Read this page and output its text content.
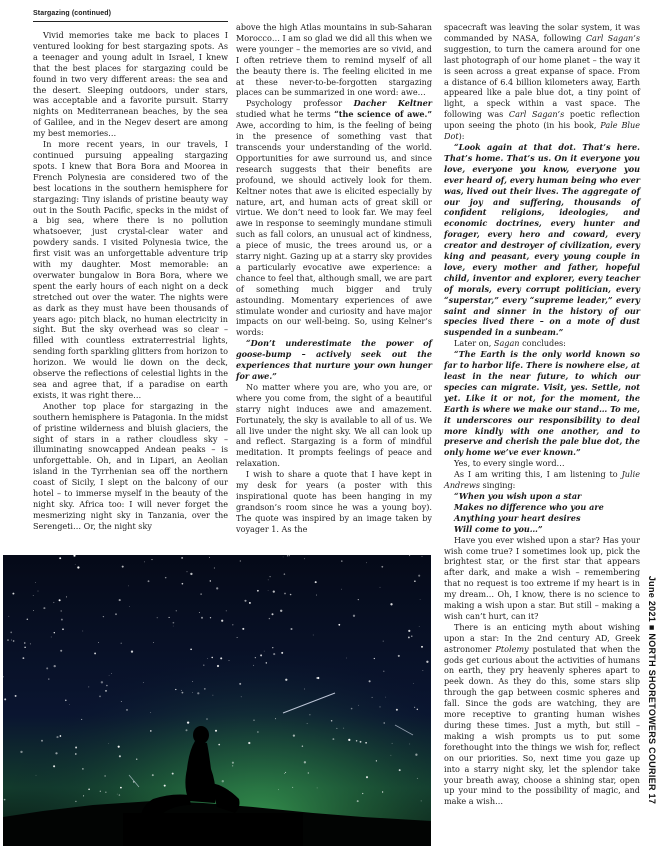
Stargazing (continued)

Vivid memories take me back to places I ventured looking for best stargazing spots. As a teenager and young adult in Israel, I knew that the best places for stargazing could be found in two very different areas: the sea and the desert. Sleeping outdoors, under stars, was acceptable and a favorite pursuit. Starry nights on Mediterranean beaches, by the sea of Galilee, and in the Negev desert are among my best memories…

In more recent years, in our travels, I continued pursuing appealing stargazing spots. I knew that Bora Bora and Moorea in French Polynesia are considered two of the best locations in the southern hemisphere for stargazing: Tiny islands of pristine beauty way out in the South Pacific, specks in the midst of a big sea, where there is no pollution whatsoever, just crystal-clear water and powdery sands. I visited Polynesia twice, the first visit was an unforgettable adventure trip with my daughter. Most memorable: an overwater bungalow in Bora Bora, where we spent the early hours of each night on a deck stretched out over the water. The nights were as dark as they must have been thousands of years ago: pitch black, no human electricity in sight. But the sky overhead was so clear – filled with countless extraterrestrial lights, sending forth sparkling glitters from horizon to horizon. We would lie down on the deck, observe the reflections of celestial lights in the sea and agree that, if a paradise on earth exists, it was right there…

Another top place for stargazing in the southern hemisphere is Patagonia. In the midst of pristine wilderness and bluish glaciers, the sight of stars in a rather cloudless sky – illuminating snowcapped Andean peaks – is unforgettable. Oh, and in Lipari, an Aeolian island in the Tyrrhenian sea off the northern coast of Sicily, I slept on the balcony of our hotel – to immerse myself in the beauty of the night sky. Africa too: I will never forget the mesmerizing night sky in Tanzania, over the Serengeti… Or, the night sky

above the high Atlas mountains in sub-Saharan Morocco… I am so glad we did all this when we were younger – the memories are so vivid, and I often retrieve them to remind myself of all the beauty there is. The feeling elicited in me at these never-to-be-forgotten stargazing places can be summarized in one word: awe…

Psychology professor Dacher Keltner studied what he terms “the science of awe.” Awe, according to him, is the feeling of being in the presence of something vast that transcends your understanding of the world. Opportunities for awe surround us, and since research suggests that their benefits are profound, we should actively look for them. Keltner notes that awe is elicited especially by nature, art, and human acts of great skill or virtue. We don’t need to look far. We may feel awe in response to seemingly mundane stimuli such as fall colors, an unusual act of kindness, a piece of music, the trees around us, or a starry night. Gazing up at a starry sky provides a particularly evocative awe experience: a chance to feel that, although small, we are part of something much bigger and truly astounding. Momentary experiences of awe stimulate wonder and curiosity and have major impacts on our well-being. So, using Kelner’s words:

“Don’t underestimate the power of goose-bump – actively seek out the experiences that nurture your own hunger for awe.”

No matter where you are, who you are, or where you come from, the sight of a beautiful starry night induces awe and amazement. Fortunately, the sky is available to all of us. We all live under the night sky. We all can look up and reflect. Stargazing is a form of mindful meditation. It prompts feelings of peace and relaxation.

I wish to share a quote that I have kept in my desk for years (a poster with this inspirational quote has been hanging in my grandson’s room since he was a young boy). The quote was inspired by an image taken by voyager 1. As the

spacecraft was leaving the solar system, it was commanded by NASA, following Carl Sagan’s suggestion, to turn the camera around for one last photograph of our home planet – the way it is seen across a great expanse of space. From a distance of 6.4 billion kilometers away, Earth appeared like a pale blue dot, a tiny point of light, a speck within a vast space. The following was Carl Sagan’s poetic reflection upon seeing the photo (in his book, Pale Blue Dot):

“Look again at that dot. That’s here. That’s home. That’s us. On it everyone you love, everyone you know, everyone you ever heard of, every human being who ever was, lived out their lives. The aggregate of our joy and suffering, thousands of confident religions, ideologies, and economic doctrines, every hunter and forager, every hero and coward, every creator and destroyer of civilization, every king and peasant, every young couple in love, every mother and father, hopeful child, inventor and explorer, every teacher of morals, every corrupt politician, every “superstar,” every “supreme leader,” every saint and sinner in the history of our species lived there – on a mote of dust suspended in a sunbeam.”

Later on, Sagan concludes:

“The Earth is the only world known so far to harbor life. There is nowhere else, at least in the near future, to which our species can migrate. Visit, yes. Settle, not yet. Like it or not, for the moment, the Earth is where we make our stand… To me, it underscores our responsibility to deal more kindly with one another, and to preserve and cherish the pale blue dot, the only home we’ve ever known.”

Yes, to every single word…

As I am writing this, I am listening to Julie Andrews singing:

“When you wish upon a star

Makes no difference who you are

Anything your heart desires

Will come to you…”

Have you ever wished upon a star? Has your wish come true? I sometimes look up, pick the brightest star, or the first star that appears after dark, and make a wish – remembering that no request is too extreme if my heart is in my dream… Oh, I know, there is no science to making a wish upon a star. But still – making a wish can’t hurt, can it?

There is an enticing myth about wishing upon a star: In the 2nd century AD, Greek astronomer Ptolemy postulated that when the gods get curious about the activities of humans on earth, they pry heavenly spheres apart to peek down. As they do this, some stars slip through the gap between cosmic spheres and fall. Since the gods are watching, they are more receptive to granting human wishes during these times. Just a myth, but still – making a wish prompts us to put some forethought into the things we wish for, reflect on our priorities. So, next time you gaze up into a starry night sky, let the splendor take your breath away, choose a shining star, open up your mind to the possibility of magic, and make a wish…	June 2021 ■ NORTH SHORETOWERS COURIER 17
